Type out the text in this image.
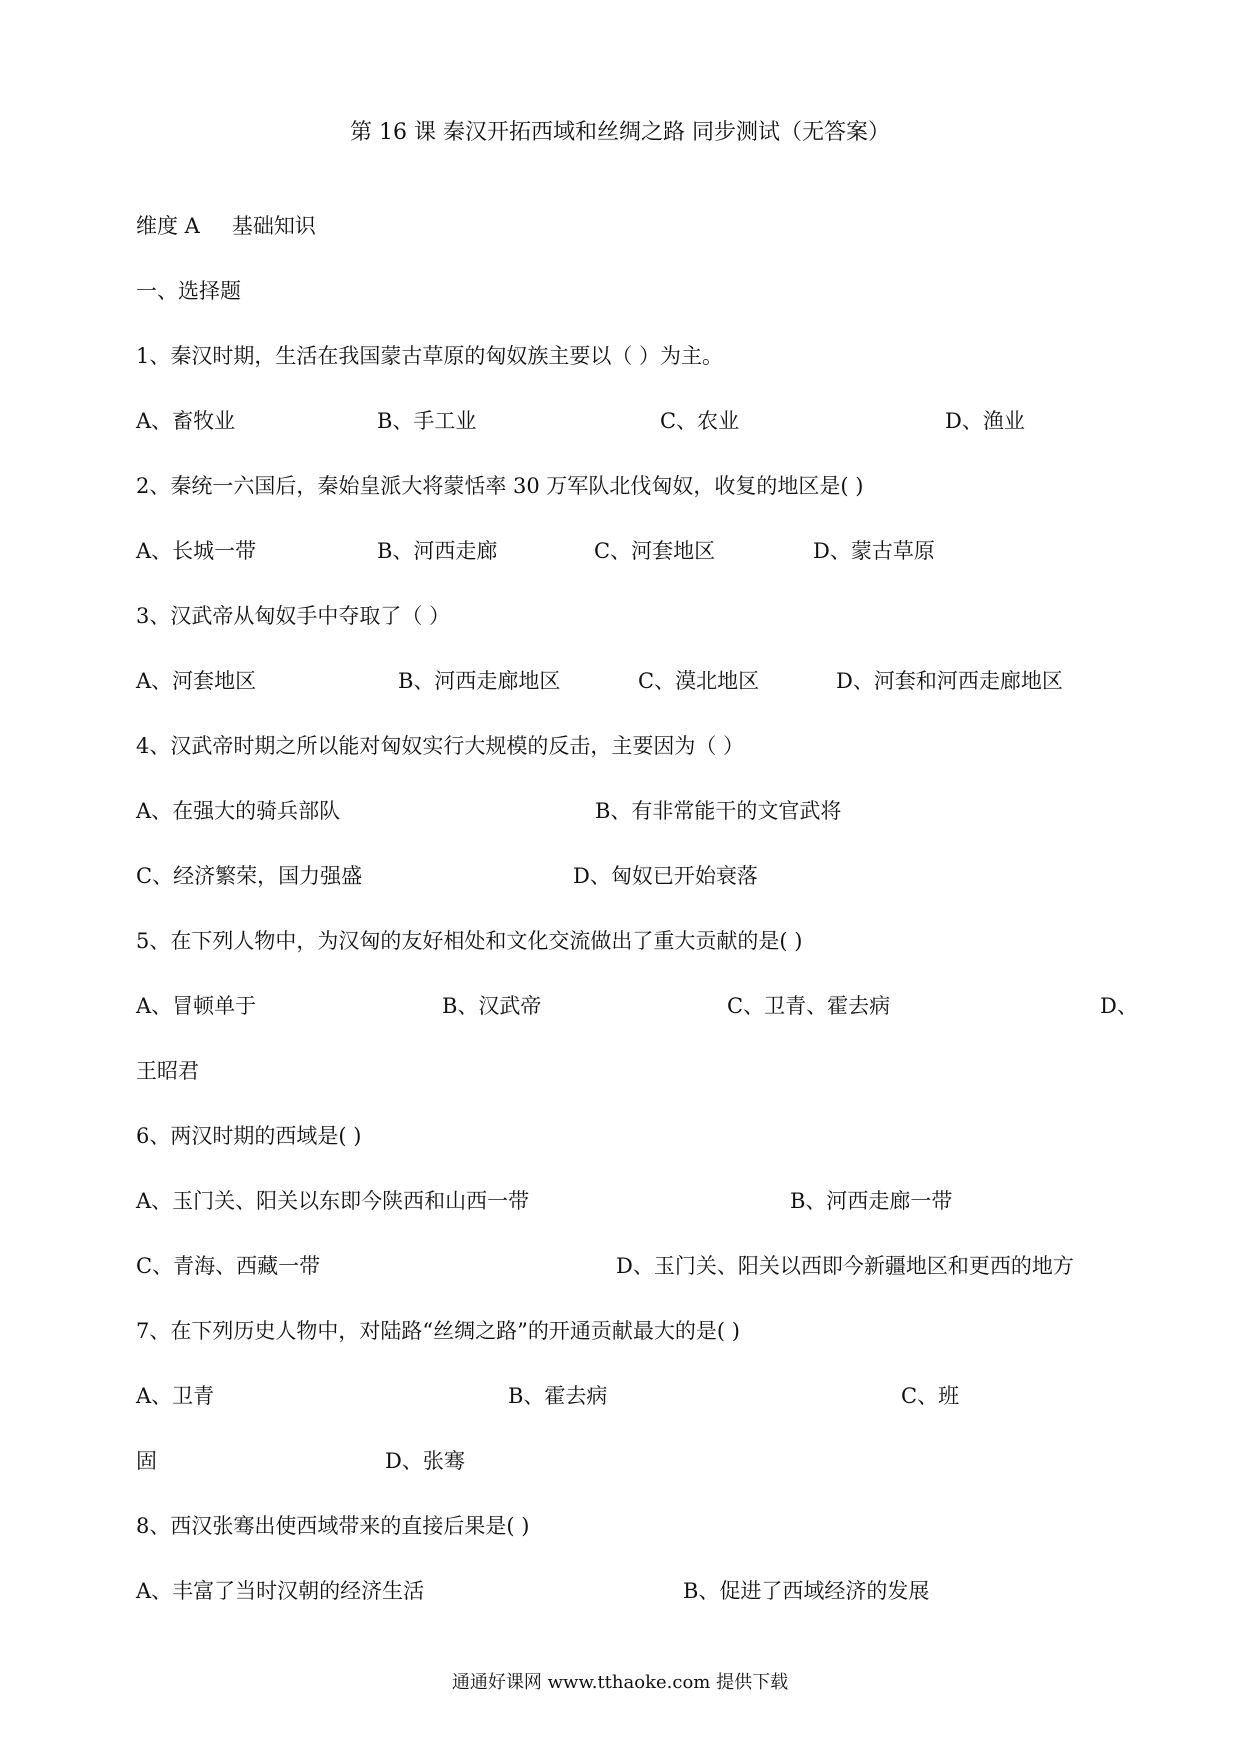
第 16 课 秦汉开拓西域和丝绸之路 同步测试（无答案）
维度 A 基础知识
一、选择题
1、秦汉时期，生活在我国蒙古草原的匈奴族主要以（ ）为主。
A、畜牧业	B、手工业	C、农业	D、渔业
2、秦统一六国后，秦始皇派大将蒙恬率 30 万军队北伐匈奴，收复的地区是( )
A、长城一带	B、河西走廊	C、河套地区	D、蒙古草原
3、汉武帝从匈奴手中夺取了（ ）
A、河套地区	B、河西走廊地区	C、漠北地区	D、河套和河西走廊地区
4、汉武帝时期之所以能对匈奴实行大规模的反击，主要因为（ ）
A、在强大的骑兵部队	B、有非常能干的文官武将
C、经济繁荣，国力强盛	D、匈奴已开始衰落
5、在下列人物中，为汉匈的友好相处和文化交流做出了重大贡献的是( )
A、冒顿单于	B、汉武帝	C、卫青、霍去病	D、
王昭君
6、两汉时期的西域是( )
A、玉门关、阳关以东即今陕西和山西一带	B、河西走廊一带
C、青海、西藏一带	D、玉门关、阳关以西即今新疆地区和更西的地方
7、在下列历史人物中，对陆路“丝绸之路”的开通贡献最大的是( )
A、卫青	B、霍去病	C、班
固	D、张骞
8、西汉张骞出使西域带来的直接后果是( )
A、丰富了当时汉朝的经济生活	B、促进了西域经济的发展
通通好课网 www.tthaoke.com 提供下载
